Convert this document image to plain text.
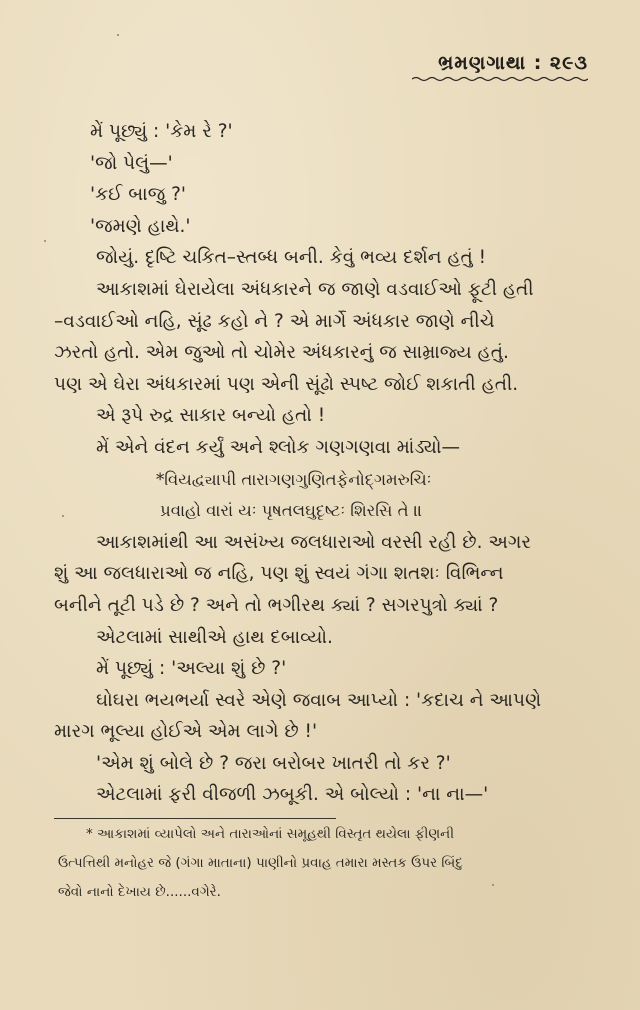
ભ્રમણગાથા : ૨૯૩
મેં પૂછ્યું : 'કેમ રે ?'
'જો પેલું—'
'કઈ બાજુ ?'
'જમણે હાથે.'
જોયું. દૃષ્ટિ ચકિત–સ્તબ્ધ બની. કેવું ભવ્ય દર્શન હતું !
આકાશમાં ઘેરાયેલા અંધકારને જ જાણે વડવાઈઓ ફૂટી હતી
–વડવાઈઓ નહિ, સૂંઢ કહો ને ? એ માર્ગે અંધકાર જાણે નીચે
ઝરતો હતો. એમ જુઓ તો ચોમેર અંધકારનું જ સામ્રાજ્ય હતું.
પણ એ ઘેરા અંધકારમાં પણ એની સૂંઢો સ્પષ્ટ જોઈ શકાતી હતી.
એ રૂપે રુદ્ર સાકાર બન્યો હતો !
મેં એને વંદન કર્યું અને શ્લોક ગણગણવા માંડ્યો—
*વિયદ્વ્યાપી તારાગણગુણિતફેનોદ્ગમરુચિઃ
પ્રવાહો વારાં યઃ પૃષતલઘુદૃષ્ટઃ શિરસિ તે ॥
આકાશમાંથી આ અસંખ્ય જલધારાઓ વરસી રહી છે. અગર
શું આ જલધારાઓ જ નહિ, પણ શું સ્વયં ગંગા શતશઃ વિભિન્ન
બનીને તૂટી પડે છે ? અને તો ભગીરથ ક્યાં ? સગરપુત્રો ક્યાં ?
એટલામાં સાથીએ હાથ દબાવ્યો.
મેં પૂછ્યું : 'અલ્યા શું છે ?'
ઘોઘરા ભયભર્યા સ્વરે એણે જવાબ આપ્યો : 'કદાચ ને આપણે
મારગ ભૂલ્યા હોઈએ એમ લાગે છે !'
'એમ શું બોલે છે ? જરા બરોબર ખાતરી તો કર ?'
એટલામાં ફરી વીજળી ઝબૂકી. એ બોલ્યો : 'ના ના—'
* આકાશમાં વ્યાપેલો અને તારાઓનાં સમૂહથી વિસ્તૃત થયેલા ફીણની
ઉત્પત્તિથી મનોહર જે (ગંગા માતાના) પાણીનો પ્રવાહ તમારા મસ્તક ઉપર બિંદુ
જેવો નાનો દેખાય છે......વગેરે.
